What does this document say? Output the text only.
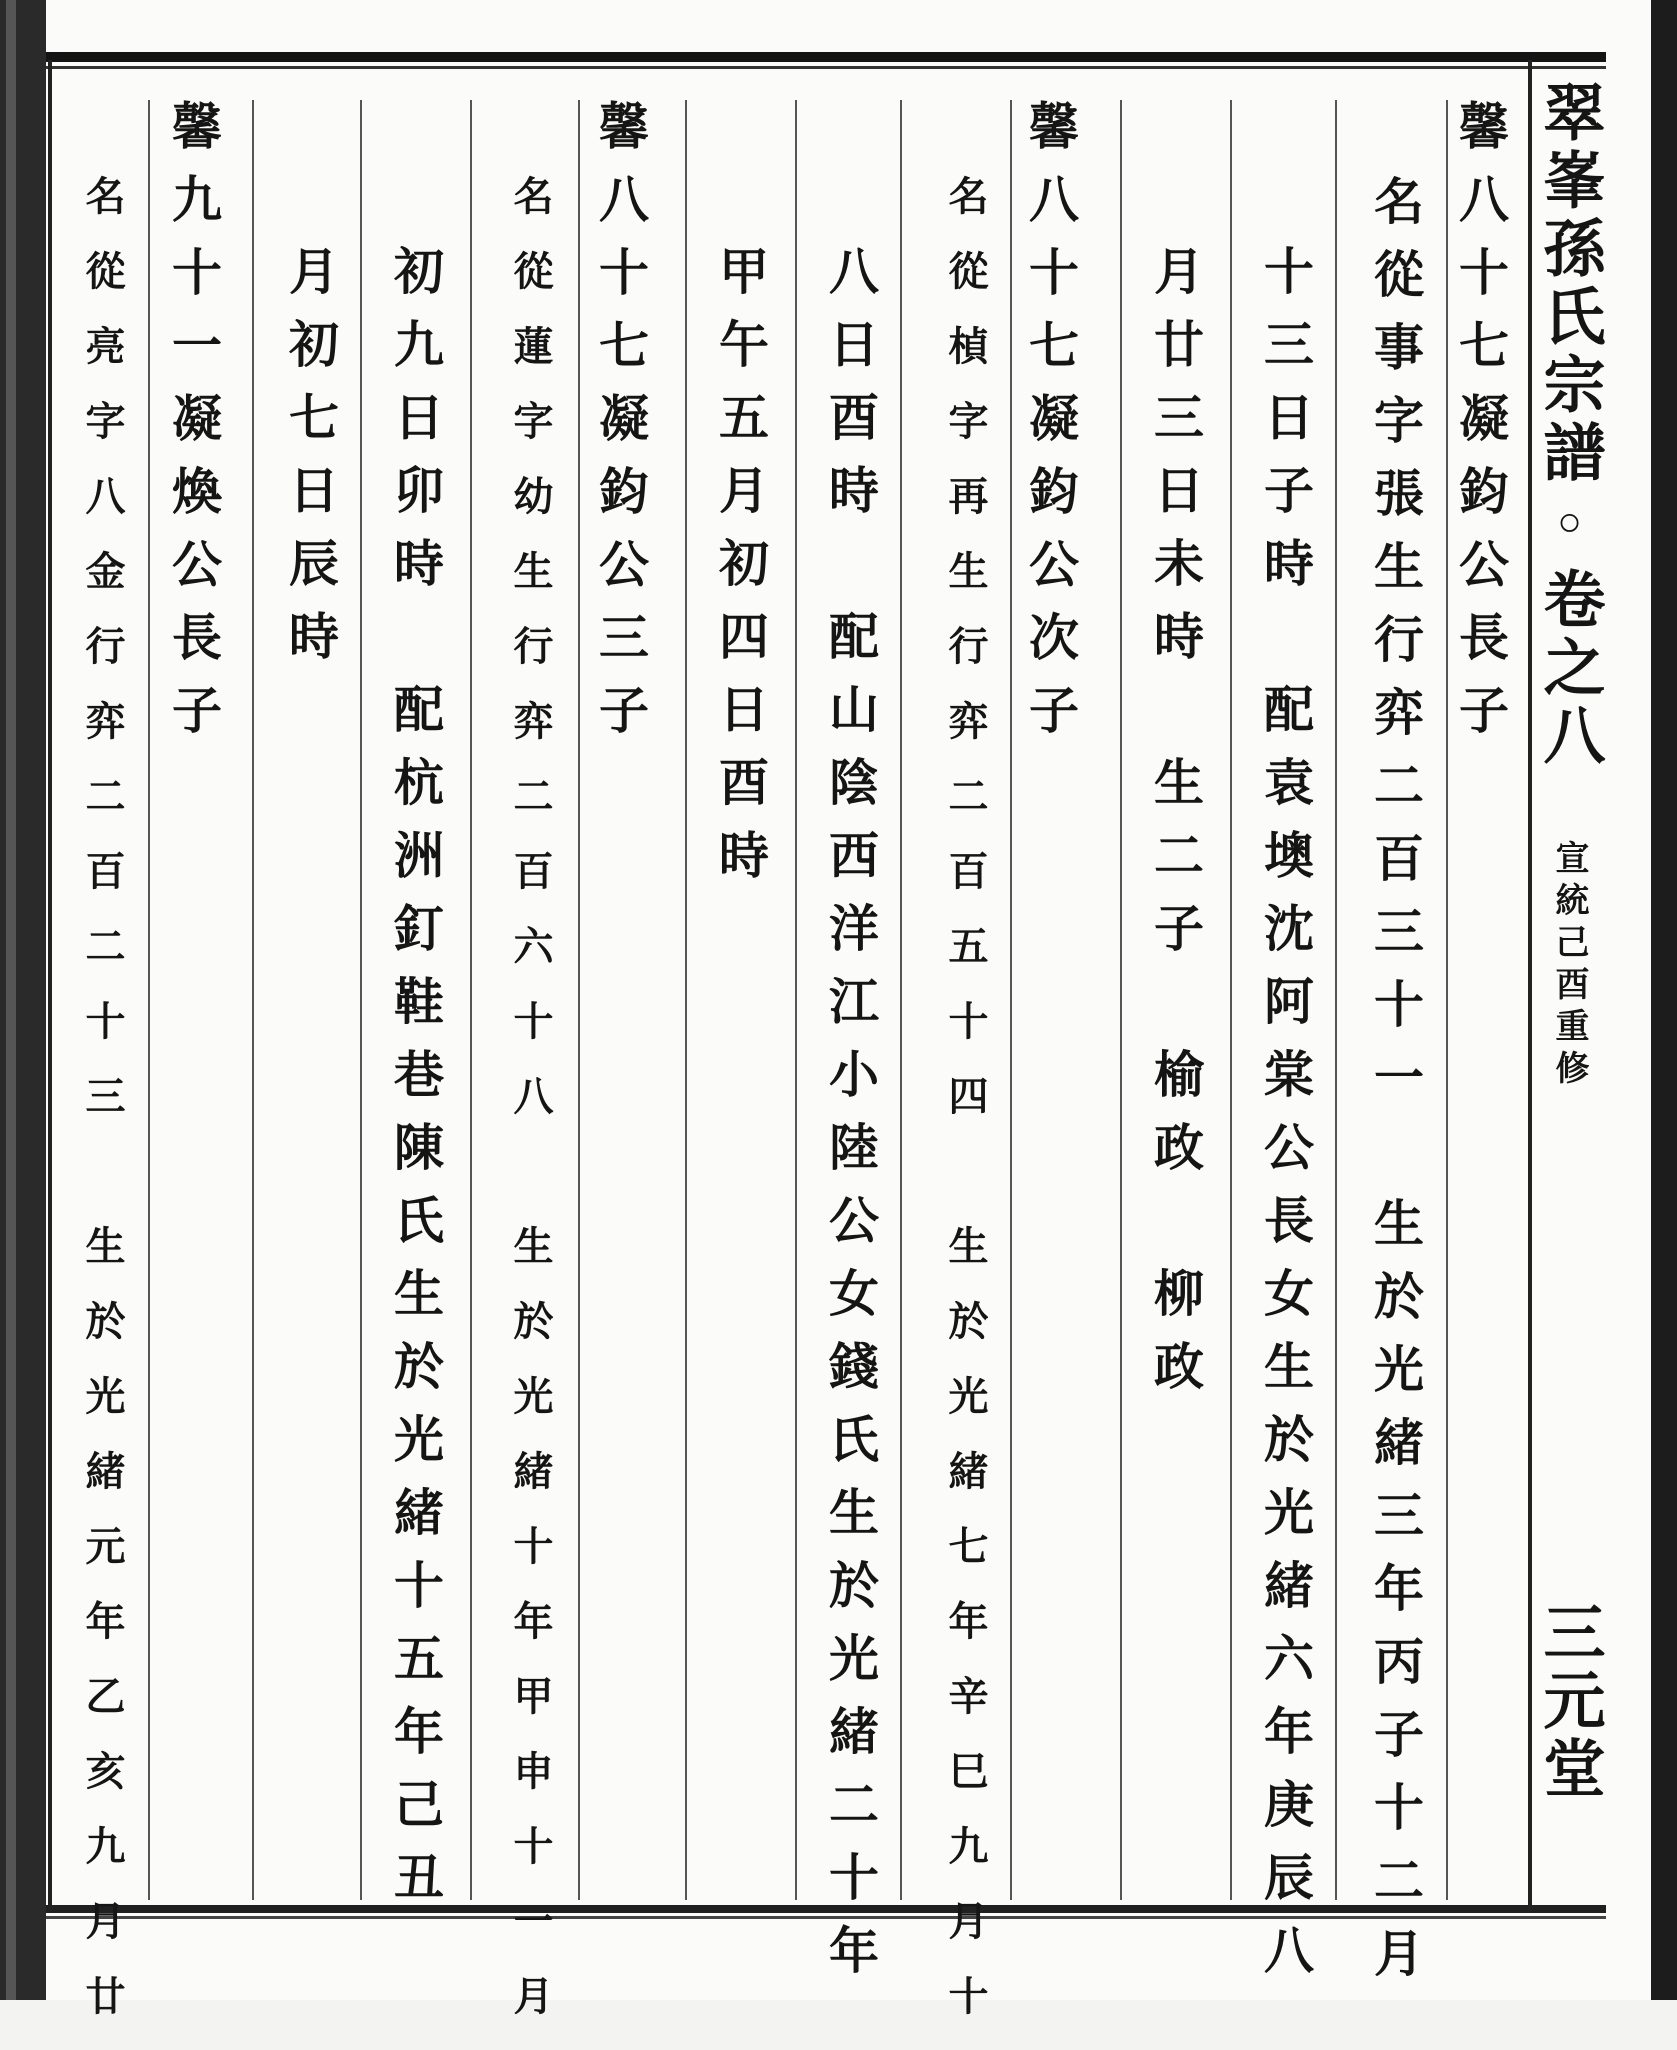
翠峯孫氏宗譜◦卷之八
宣統己酉重修
三元堂
馨八十七凝鈞公長子
名從事字張生行弈二百三十一　生於光緒三年丙子十二月
十三日子時　配袁墺沈阿棠公長女生於光緒六年庚辰八
月廿三日未時　生二子　榆政　柳政
馨八十七凝鈞公次子
名從楨字再生行弈二百五十四　生於光緒七年辛巳九月十
八日酉時　配山陰西洋江小陸公女錢氏生於光緒二十年
甲午五月初四日酉時
馨八十七凝鈞公三子
名從蓮字幼生行弈二百六十八　生於光緒十年甲申十一月
初九日卯時　配杭洲釘鞋巷陳氏生於光緒十五年己丑
月初七日辰時
馨九十一凝煥公長子
名從亮字八金行弈二百二十三　生於光緒元年乙亥九月廿
